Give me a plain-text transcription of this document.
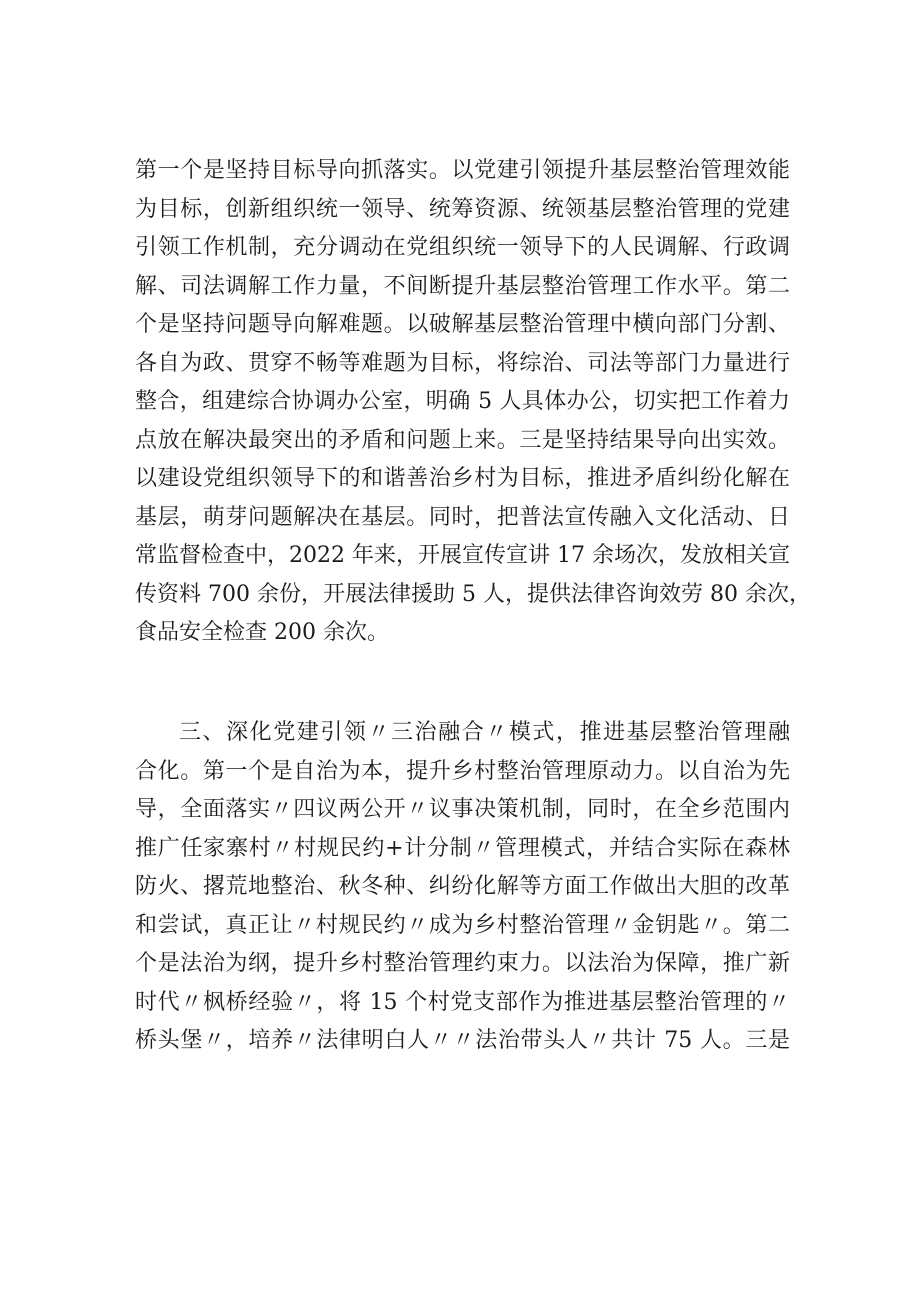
第一个是坚持目标导向抓落实。以党建引领提升基层整治管理效能
为目标，创新组织统一领导、统筹资源、统领基层整治管理的党建
引领工作机制，充分调动在党组织统一领导下的人民调解、行政调
解、司法调解工作力量，不间断提升基层整治管理工作水平。第二
个是坚持问题导向解难题。以破解基层整治管理中横向部门分割、
各自为政、贯穿不畅等难题为目标，将综治、司法等部门力量进行
整合，组建综合协调办公室，明确 5 人具体办公，切实把工作着力
点放在解决最突出的矛盾和问题上来。三是坚持结果导向出实效。
以建设党组织领导下的和谐善治乡村为目标，推进矛盾纠纷化解在
基层，萌芽问题解决在基层。同时，把普法宣传融入文化活动、日
常监督检查中，2022 年来，开展宣传宣讲 17 余场次，发放相关宣
传资料 700 余份，开展法律援助 5 人，提供法律咨询效劳 80 余次，
食品安全检查 200 余次。
三、深化党建引领〃三治融合〃模式，推进基层整治管理融
合化。第一个是自治为本，提升乡村整治管理原动力。以自治为先
导，全面落实〃四议两公开〃议事决策机制，同时，在全乡范围内
推广任家寨村〃村规民约+计分制〃管理模式，并结合实际在森林
防火、撂荒地整治、秋冬种、纠纷化解等方面工作做出大胆的改革
和尝试，真正让〃村规民约〃成为乡村整治管理〃金钥匙〃。第二
个是法治为纲，提升乡村整治管理约束力。以法治为保障，推广新
时代〃枫桥经验〃，将 15 个村党支部作为推进基层整治管理的〃
桥头堡〃，培养〃法律明白人〃〃法治带头人〃共计 75 人。三是
